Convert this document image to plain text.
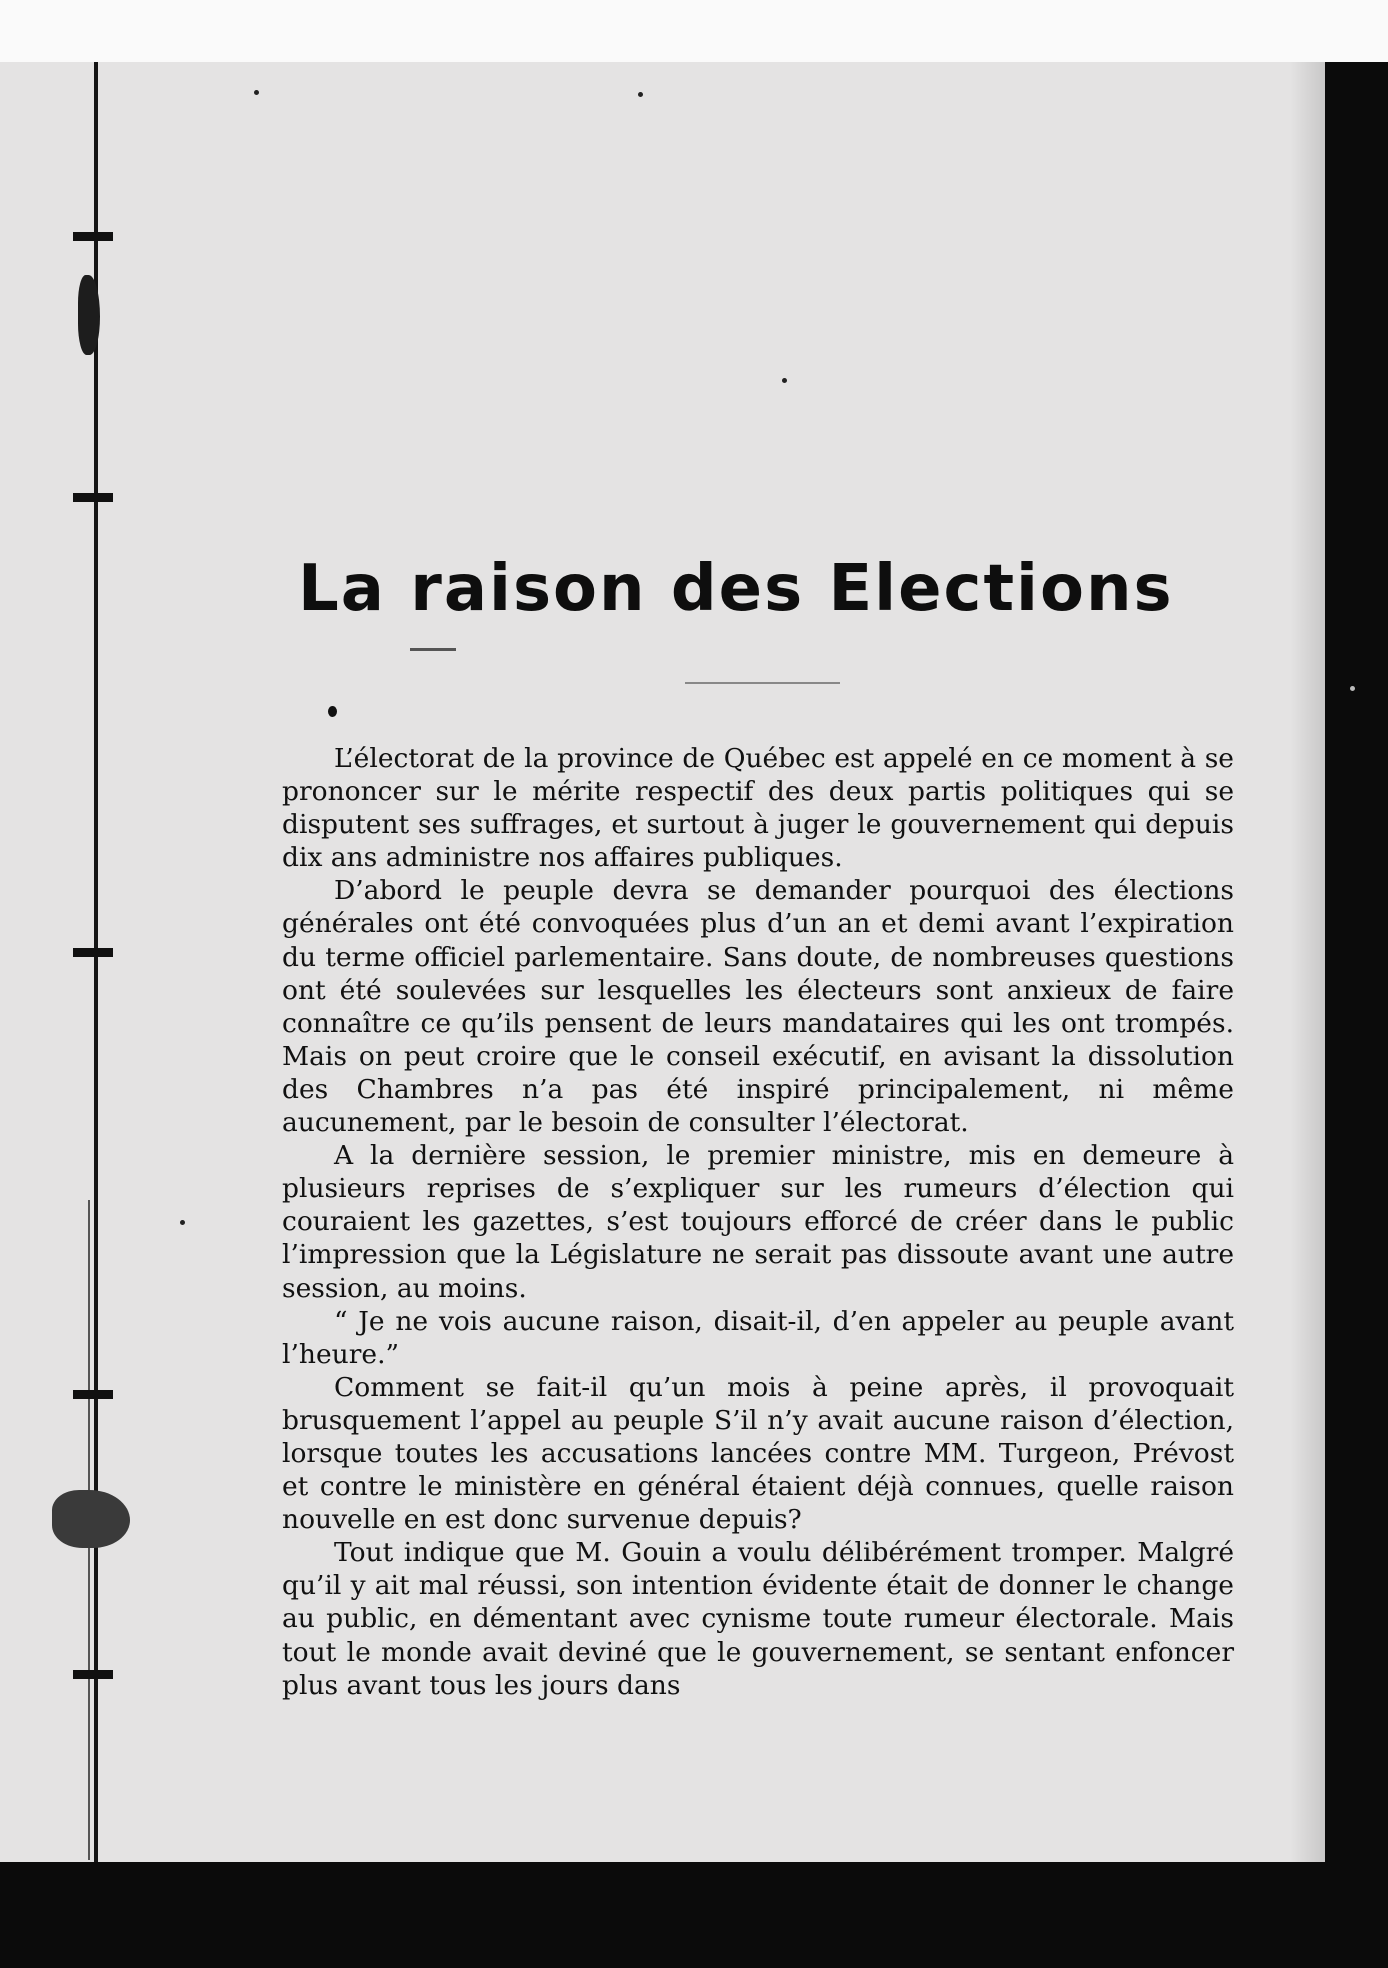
La raison des Elections

L’électorat de la province de Québec est appelé en ce moment à se prononcer sur le mérite respectif des deux partis politiques qui se disputent ses suffrages, et surtout à juger le gouvernement qui depuis dix ans administre nos affaires publiques.

D’abord le peuple devra se demander pourquoi des élections générales ont été convoquées plus d’un an et demi avant l’expiration du terme officiel parlementaire. Sans doute, de nombreuses questions ont été soulevées sur lesquelles les électeurs sont anxieux de faire connaître ce qu’ils pensent de leurs mandataires qui les ont trompés. Mais on peut croire que le conseil exécutif, en avisant la dissolution des Chambres n’a pas été inspiré principalement, ni même aucunement, par le besoin de consulter l’électorat.

A la dernière session, le premier ministre, mis en demeure à plusieurs reprises de s’expliquer sur les rumeurs d’élection qui couraient les gazettes, s’est toujours efforcé de créer dans le public l’impression que la Législature ne serait pas dissoute avant une autre session, au moins.

“ Je ne vois aucune raison, disait-il, d’en appeler au peuple avant l’heure.”

Comment se fait-il qu’un mois à peine après, il provoquait brusquement l’appel au peuple S’il n’y avait aucune raison d’élection, lorsque toutes les accusations lancées contre MM. Turgeon, Prévost et contre le ministère en général étaient déjà connues, quelle raison nouvelle en est donc survenue depuis?

Tout indique que M. Gouin a voulu délibérément tromper. Malgré qu’il y ait mal réussi, son intention évidente était de donner le change au public, en démentant avec cynisme toute rumeur électorale. Mais tout le monde avait deviné que le gouvernement, se sentant enfoncer plus avant tous les jours dans
